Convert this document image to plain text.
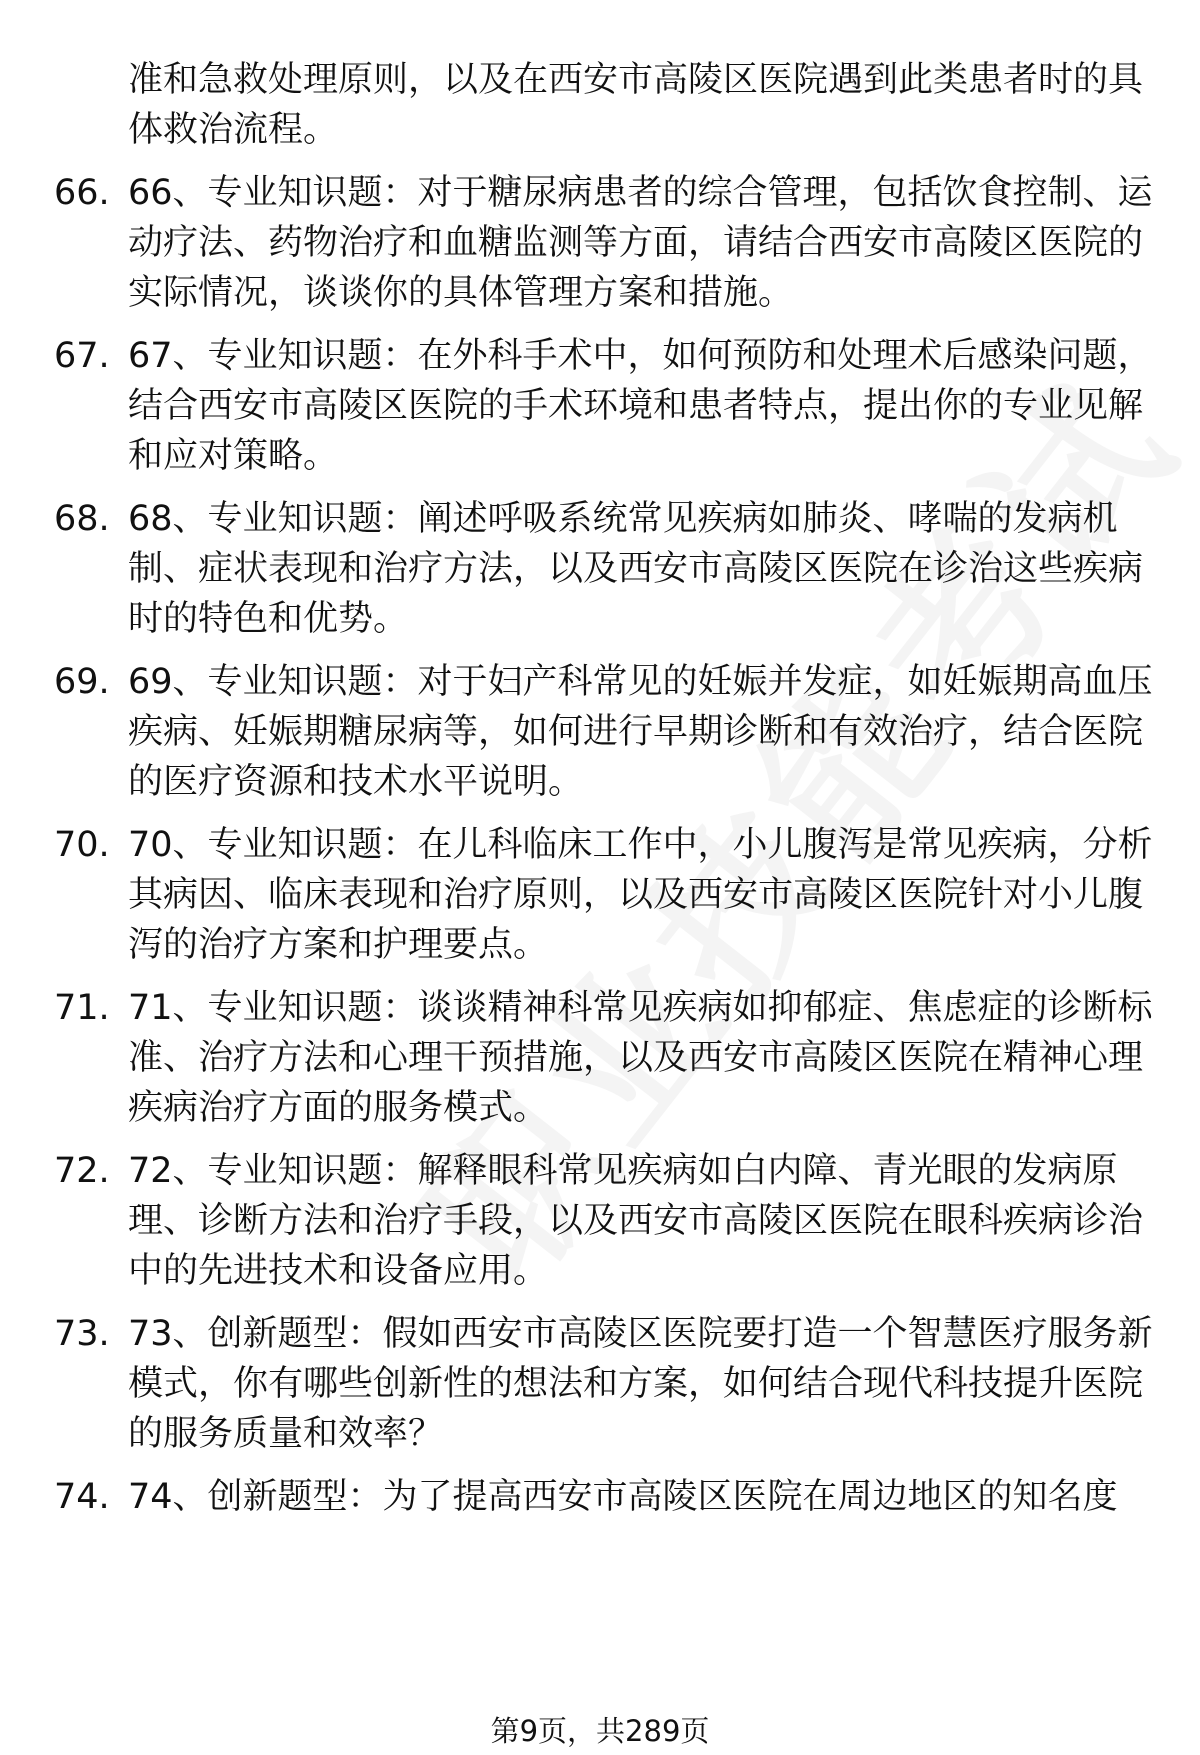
准和急救处理原则，以及在西安市高陵区医院遇到此类患者时的具体救治流程。
66. 66、专业知识题：对于糖尿病患者的综合管理，包括饮食控制、运动疗法、药物治疗和血糖监测等方面，请结合西安市高陵区医院的实际情况，谈谈你的具体管理方案和措施。
67. 67、专业知识题：在外科手术中，如何预防和处理术后感染问题，结合西安市高陵区医院的手术环境和患者特点，提出你的专业见解和应对策略。
68. 68、专业知识题：阐述呼吸系统常见疾病如肺炎、哮喘的发病机制、症状表现和治疗方法，以及西安市高陵区医院在诊治这些疾病时的特色和优势。
69. 69、专业知识题：对于妇产科常见的妊娠并发症，如妊娠期高血压疾病、妊娠期糖尿病等，如何进行早期诊断和有效治疗，结合医院的医疗资源和技术水平说明。
70. 70、专业知识题：在儿科临床工作中，小儿腹泻是常见疾病，分析其病因、临床表现和治疗原则，以及西安市高陵区医院针对小儿腹泻的治疗方案和护理要点。
71. 71、专业知识题：谈谈精神科常见疾病如抑郁症、焦虑症的诊断标准、治疗方法和心理干预措施，以及西安市高陵区医院在精神心理疾病治疗方面的服务模式。
72. 72、专业知识题：解释眼科常见疾病如白内障、青光眼的发病原理、诊断方法和治疗手段，以及西安市高陵区医院在眼科疾病诊治中的先进技术和设备应用。
73. 73、创新题型：假如西安市高陵区医院要打造一个智慧医疗服务新模式，你有哪些创新性的想法和方案，如何结合现代科技提升医院的服务质量和效率？
74. 74、创新题型：为了提高西安市高陵区医院在周边地区的知名度
第9页，共289页
